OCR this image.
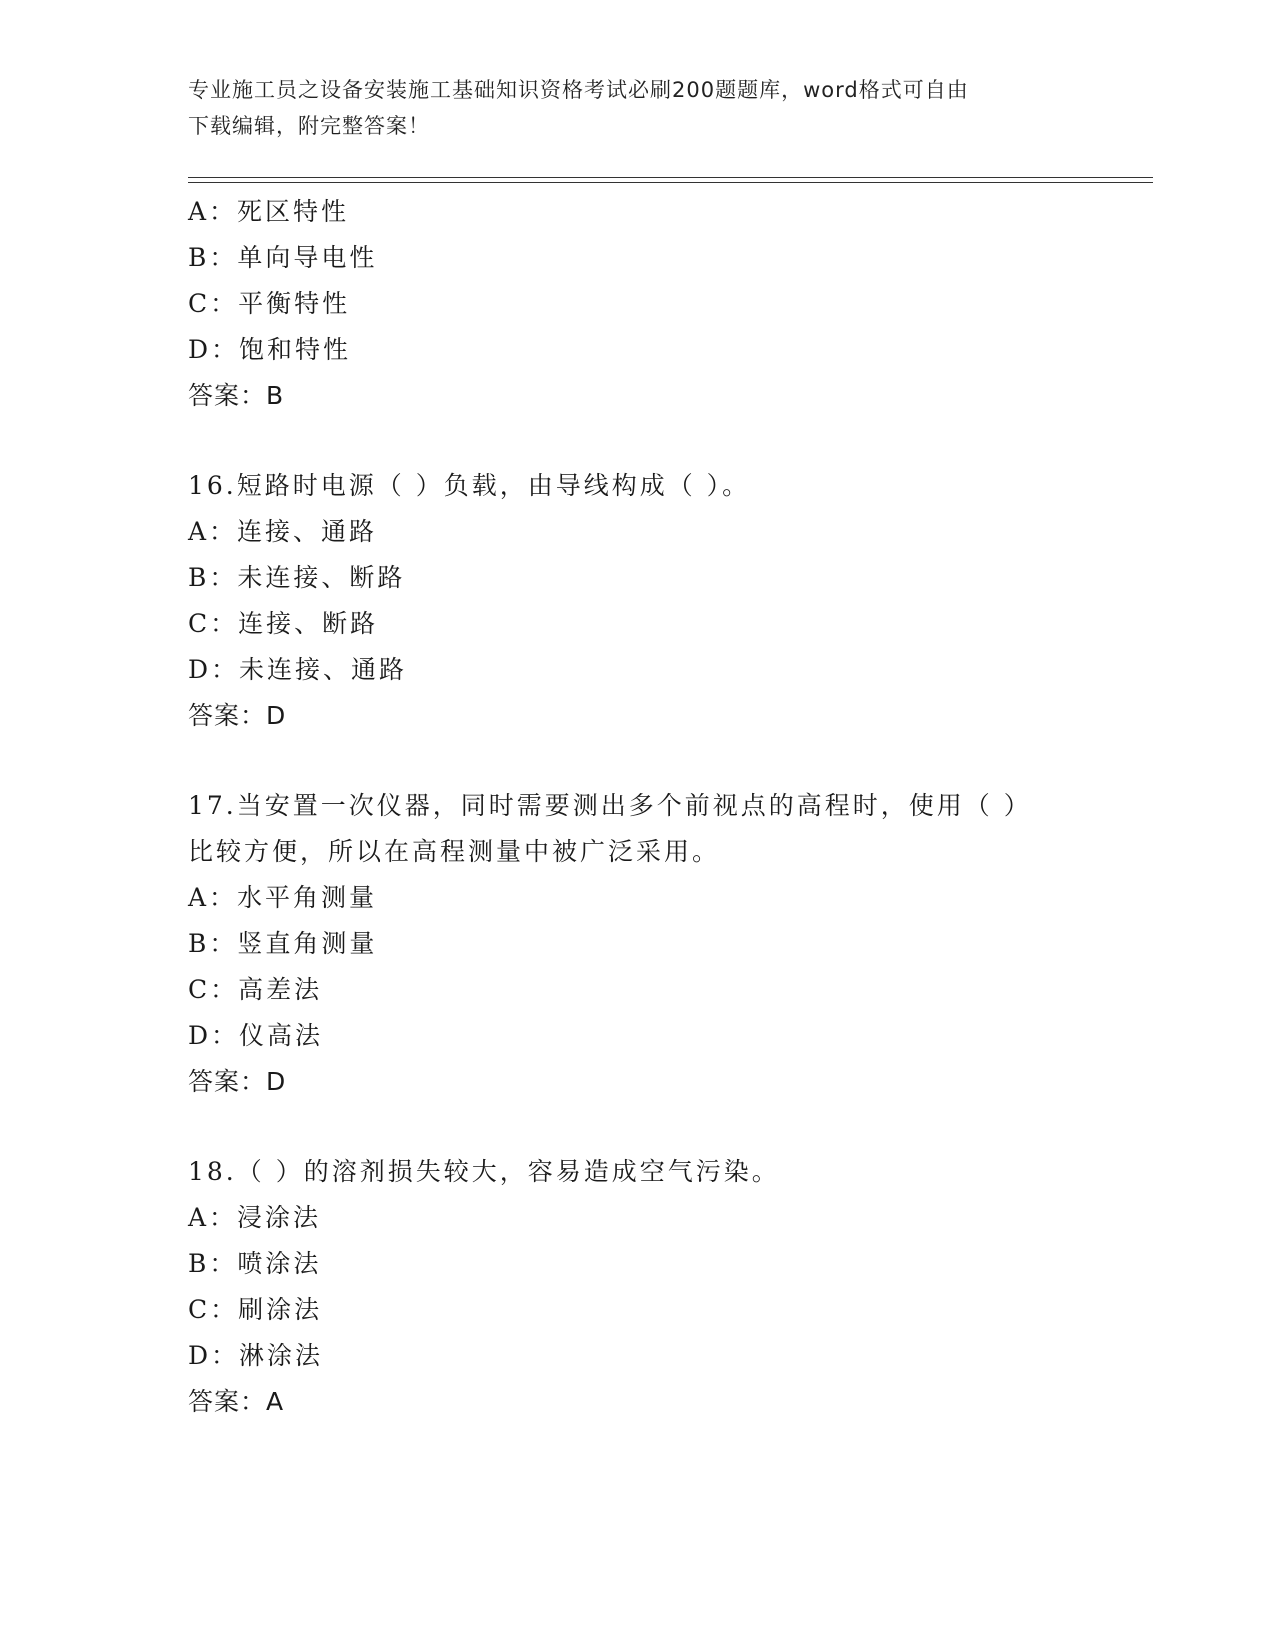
专业施工员之设备安装施工基础知识资格考试必刷200题题库，word格式可自由
下载编辑，附完整答案！
A：死区特性
B：单向导电性
C：平衡特性
D：饱和特性
答案：B
16.短路时电源（ ）负载，由导线构成（ ）。
A：连接、通路
B：未连接、断路
C：连接、断路
D：未连接、通路
答案：D
17.当安置一次仪器，同时需要测出多个前视点的高程时，使用（ ）
比较方便，所以在高程测量中被广泛采用。
A：水平角测量
B：竖直角测量
C：高差法
D：仪高法
答案：D
18.（ ）的溶剂损失较大，容易造成空气污染。
A：浸涂法
B：喷涂法
C：刷涂法
D：淋涂法
答案：A
